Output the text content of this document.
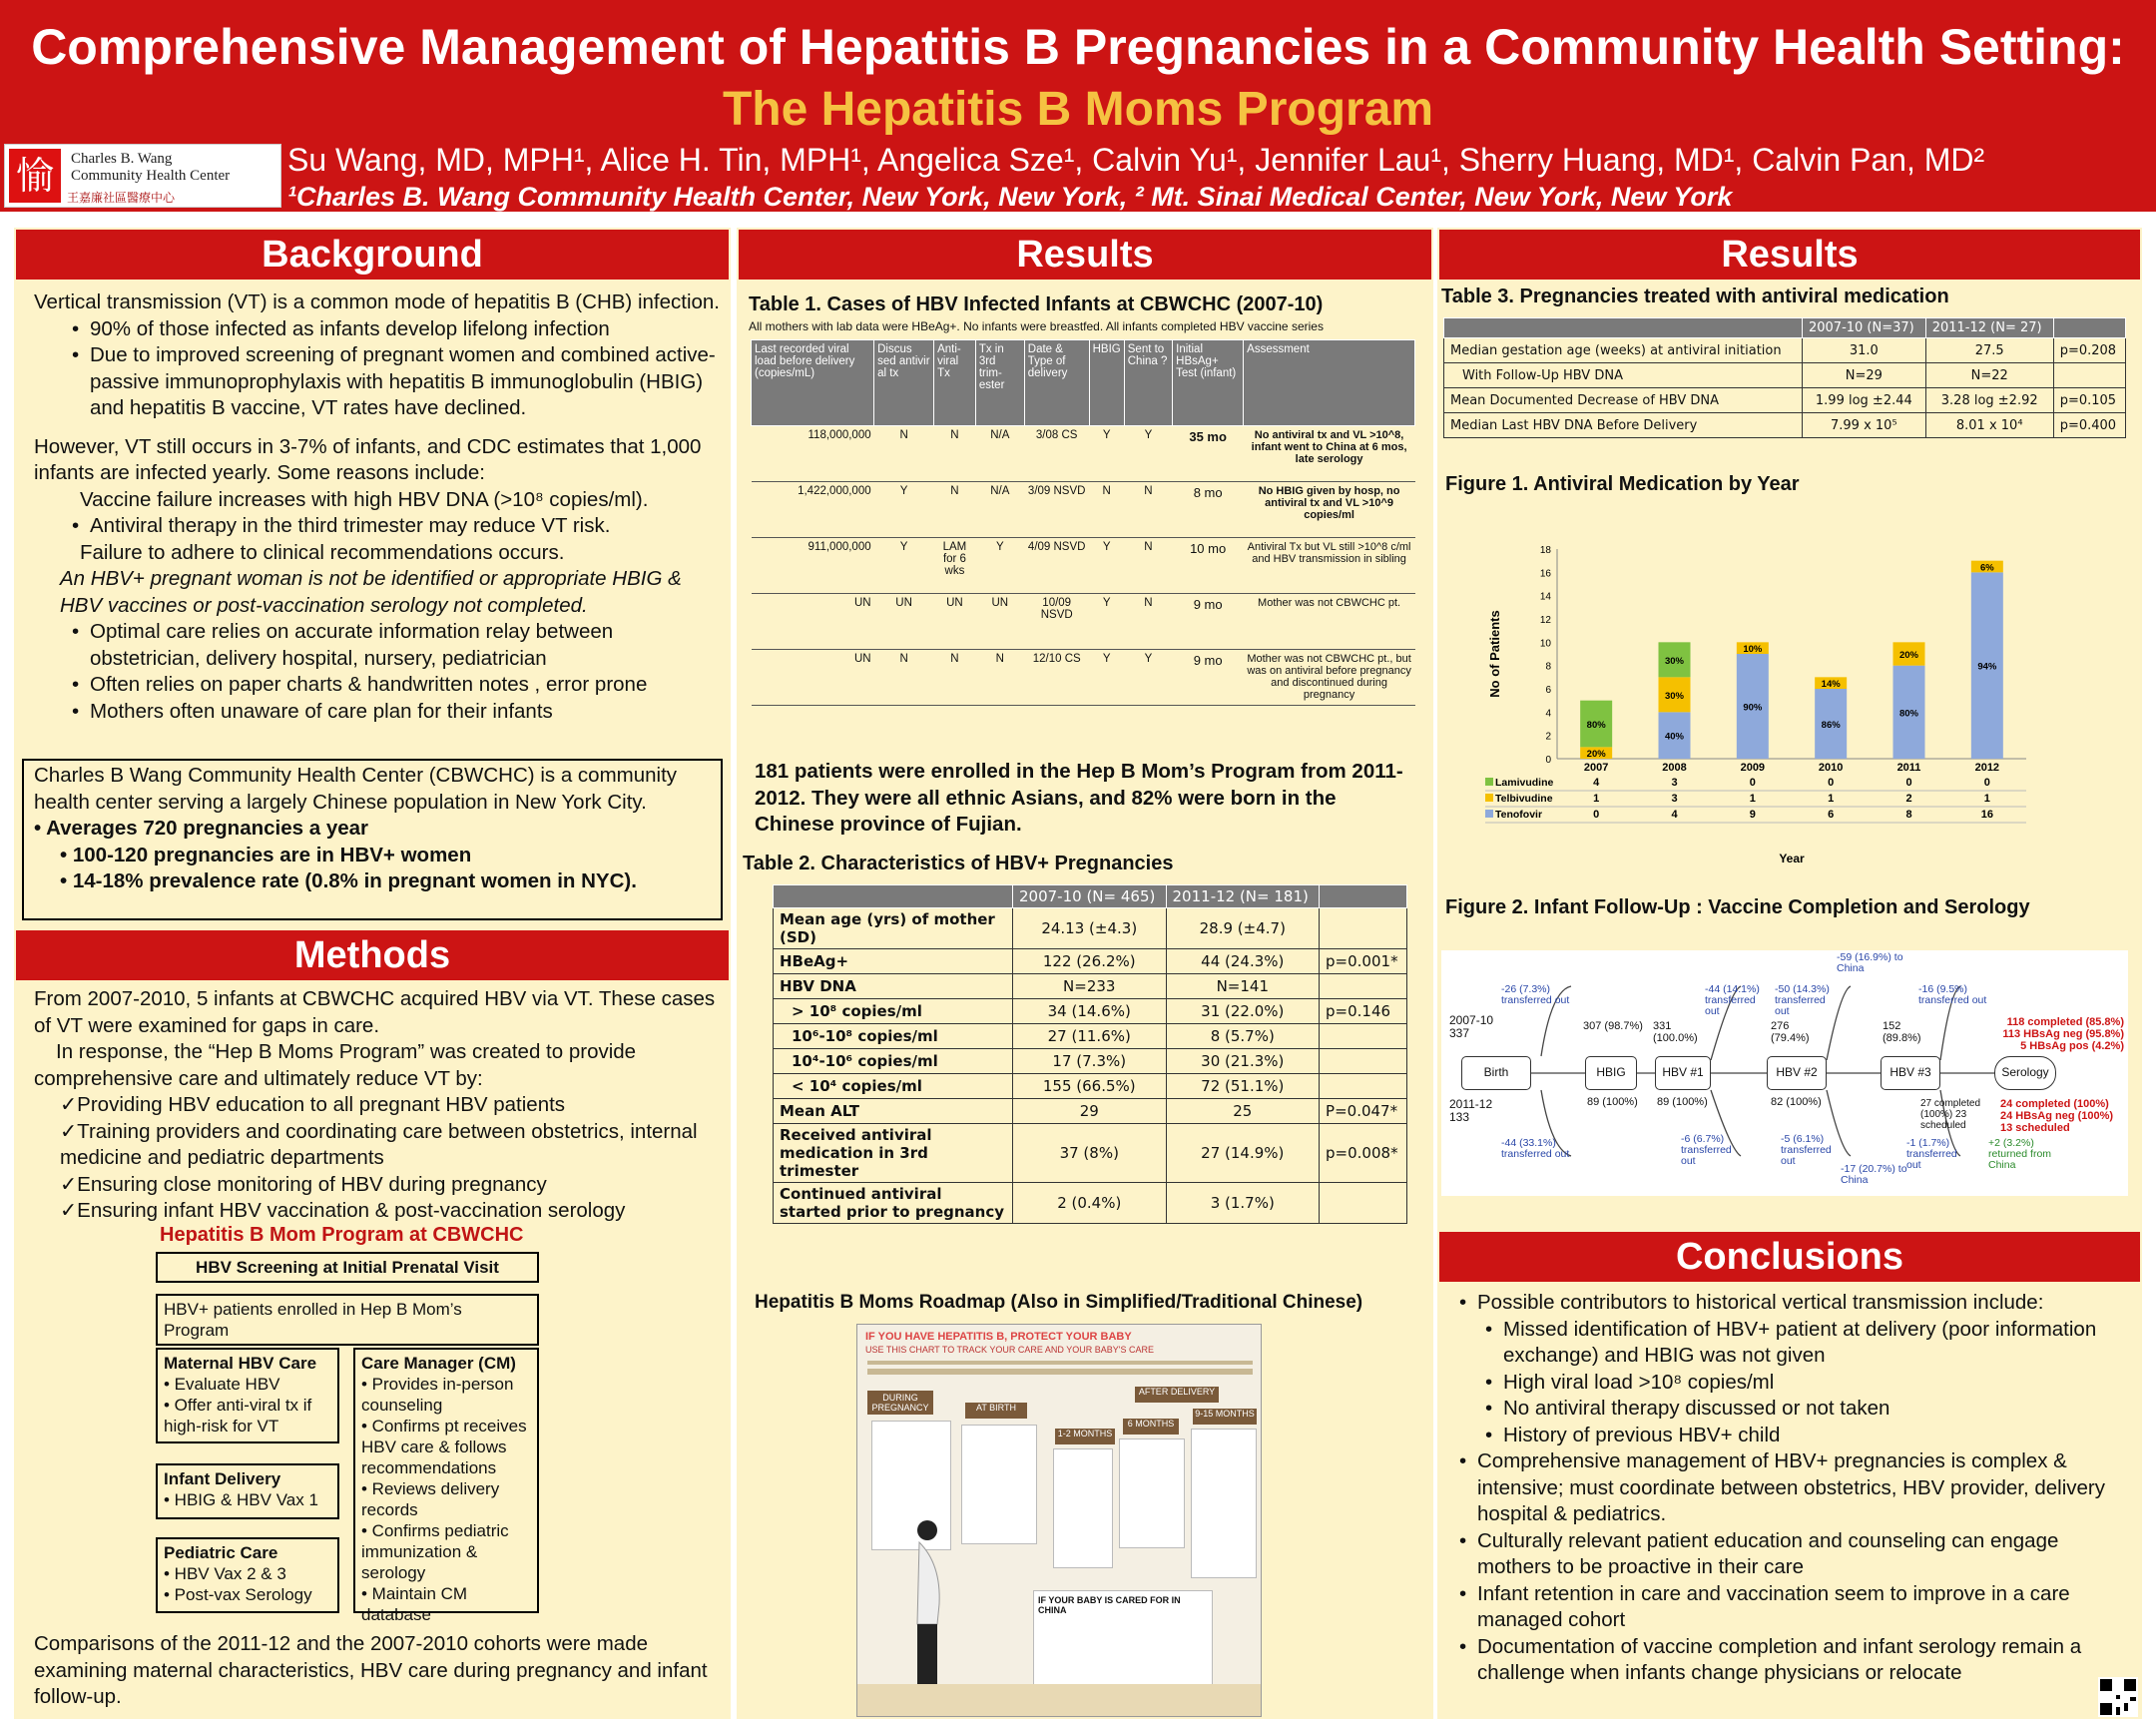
Comprehensive Management of Hepatitis B Pregnancies in a Community Health Setting:
The Hepatitis B Moms Program
愉	Charles B. Wang
Community Health Center
王嘉廉社區醫療中心
Su Wang, MD, MPH¹, Alice H. Tin, MPH¹, Angelica Sze¹, Calvin Yu¹, Jennifer Lau¹, Sherry Huang, MD¹, Calvin Pan, MD²
¹Charles B. Wang Community Health Center, New York, New York, ² Mt. Sinai Medical Center, New York, New York
Background

Vertical transmission (VT) is a common mode of hepatitis B (CHB) infection.

• 90% of those infected as infants develop lifelong infection

• Due to improved screening of pregnant women and combined active-passive immunoprophylaxis with hepatitis B immunoglobulin (HBIG) and hepatitis B vaccine, VT rates have declined.

However, VT still occurs in 3-7% of infants, and CDC estimates that 1,000 infants are infected yearly. Some reasons include:

Vaccine failure increases with high HBV DNA (>10⁸ copies/ml).

• Antiviral therapy in the third trimester may reduce VT risk.

Failure to adhere to clinical recommendations occurs.

An HBV+ pregnant woman is not be identified or appropriate HBIG & HBV vaccines or post-vaccination serology not completed.

• Optimal care relies on accurate information relay between obstetrician, delivery hospital, nursery, pediatrician

• Often relies on paper charts & handwritten notes , error prone

• Mothers often unaware of care plan for their infants

Charles B Wang Community Health Center (CBWCHC) is a community health center serving a largely Chinese population in New York City.

• Averages 720 pregnancies a year

• 100-120 pregnancies are in HBV+ women

• 14-18% prevalence rate (0.8% in pregnant women in NYC).

Methods

From 2007-2010, 5 infants at CBWCHC acquired HBV via VT. These cases of VT were examined for gaps in care.

In response, the “Hep B Moms Program” was created to provide comprehensive care and ultimately reduce VT by:

✓Providing HBV education to all pregnant HBV patients

✓Training providers and coordinating care between obstetrics, internal medicine and pediatric departments

✓Ensuring close monitoring of HBV during pregnancy

✓Ensuring infant HBV vaccination & post-vaccination serology

Hepatitis B Mom Program at CBWCHC
HBV Screening at Initial Prenatal Visit
HBV+ patients enrolled in Hep B Mom’s Program
Maternal HBV Care
• Evaluate HBV
• Offer anti-viral tx if high-risk for VT
Infant Delivery
• HBIG & HBV Vax 1
Pediatric Care
• HBV Vax 2 & 3
• Post-vax Serology
Care Manager (CM)
• Provides in-person counseling
• Confirms pt receives HBV care & follows recommendations
• Reviews delivery records
• Confirms pediatric immunization & serology
• Maintain CM database
Comparisons of the 2011-12 and the 2007-2010 cohorts were made examining maternal characteristics, HBV care during pregnancy and infant follow-up.
Results
Table 1. Cases of HBV Infected Infants at CBWCHC (2007-10)
All mothers with lab data were HBeAg+. No infants were breastfed. All infants completed HBV vaccine series
Last recorded viral load before delivery (copies/mL)	Discus sed antivir al tx	Anti-viral Tx	Tx in 3rd trim-ester	Date & Type of delivery	HBIG	Sent to China ?	Initial HBsAg+ Test (infant)	Assessment
118,000,000	N	N	N/A	3/08 CS	Y	Y	35 mo	No antiviral tx and VL >10^8, infant went to China at 6 mos, late serology
1,422,000,000	Y	N	N/A	3/09 NSVD	N	N	8 mo	No HBIG given by hosp, no antiviral tx and VL >10^9 copies/ml
911,000,000	Y	LAM for 6 wks	Y	4/09 NSVD	Y	N	10 mo	Antiviral Tx but VL still >10^8 c/ml and HBV transmission in sibling
UN	UN	UN	UN	10/09 NSVD	Y	N	9 mo	Mother was not CBWCHC pt.
UN	N	N	N	12/10 CS	Y	Y	9 mo	Mother was not CBWCHC pt., but was on antiviral before pregnancy and discontinued during pregnancy
181 patients were enrolled in the Hep B Mom’s Program from 2011-2012. They were all ethnic Asians, and 82% were born in the Chinese province of Fujian.
Table 2. Characteristics of HBV+ Pregnancies
	2007-10 (N= 465)	2011-12 (N= 181)	
Mean age (yrs) of mother (SD)	24.13 (±4.3)	28.9 (±4.7)	
HBeAg+	122 (26.2%)	44 (24.3%)	p=0.001*
HBV DNA	N=233	N=141	
> 10⁸ copies/ml	34 (14.6%)	31 (22.0%)	p=0.146
10⁶-10⁸ copies/ml	27 (11.6%)	8 (5.7%)	
10⁴-10⁶ copies/ml	17 (7.3%)	30 (21.3%)	
< 10⁴ copies/ml	155 (66.5%)	72 (51.1%)	
Mean ALT	29	25	P=0.047*
Received antiviral medication in 3rd trimester	37 (8%)	27 (14.9%)	p=0.008*
Continued antiviral started prior to pregnancy	2 (0.4%)	3 (1.7%)	
Hepatitis B Moms Roadmap (Also in Simplified/Traditional Chinese)
IF YOU HAVE HEPATITIS B, PROTECT YOUR BABY
USE THIS CHART TO TRACK YOUR CARE AND YOUR BABY'S CARE
DURING PREGNANCY	AT BIRTH
AFTER DELIVERY
1-2 MONTHS
6 MONTHS
9-15 MONTHS
IF YOUR BABY IS CARED FOR IN CHINA
Results
Table 3. Pregnancies treated with antiviral medication
	2007-10 (N=37)	2011-12 (N= 27)	
Median gestation age (weeks) at antiviral initiation	31.0	27.5	p=0.208
With Follow-Up HBV DNA	N=29	N=22	
Mean Documented Decrease of HBV DNA	1.99 log ±2.44	3.28 log ±2.92	p=0.105
Median Last HBV DNA Before Delivery	7.99 x 10⁵	8.01 x 10⁴	p=0.400
Figure 1. Antiviral Medication by Year
0
2
4
6
8
10
12
14
16
18
No of Patients
2007
20%
80%
2008
40%
30%
30%
2009
90%
10%
2010
86%
14%
2011
80%
20%
2012
94%
6%
Lamivudine	4	3	0	0	0	0
Telbivudine	1	3	1	1	2	1
Tenofovir	0	4	9	6	8	16
Year
Figure 2. Infant Follow-Up : Vaccine Completion and Serology
2007-10
337
2011-12
133
Birth	HBIG	HBV #1	HBV #2	HBV #3	Serology
-26 (7.3%) transferred out
-44 (14.1%) transferred out
-50 (14.3%) transferred out
-59 (16.9%) to China
-16 (9.5%) transferred out
307 (98.7%) 331 (100.0%)
276 (79.4%)
152 (89.8%)
89 (100%) 89 (100%)	82 (100%)	27 completed (100%) 23 scheduled
-44 (33.1%) transferred out
-6 (6.7%) transferred out
-5 (6.1%) transferred out
-17 (20.7%) to China
-1 (1.7%) transferred out
+2 (3.2%) returned from China
118 completed (85.8%)
113 HBsAg neg (95.8%)
5 HBsAg pos (4.2%)
24 completed (100%)
24 HBsAg neg (100%)
13 scheduled
Conclusions

• Possible contributors to historical vertical transmission include:

• Missed identification of HBV+ patient at delivery (poor information exchange) and HBIG was not given

• High viral load >10⁸ copies/ml

• No antiviral therapy discussed or not taken

• History of previous HBV+ child

• Comprehensive management of HBV+ pregnancies is complex & intensive; must coordinate between obstetrics, HBV provider, delivery hospital & pediatrics.

• Culturally relevant patient education and counseling can engage mothers to be proactive in their care

• Infant retention in care and vaccination seem to improve in a care managed cohort

• Documentation of vaccine completion and infant serology remain a challenge when infants change physicians or relocate
